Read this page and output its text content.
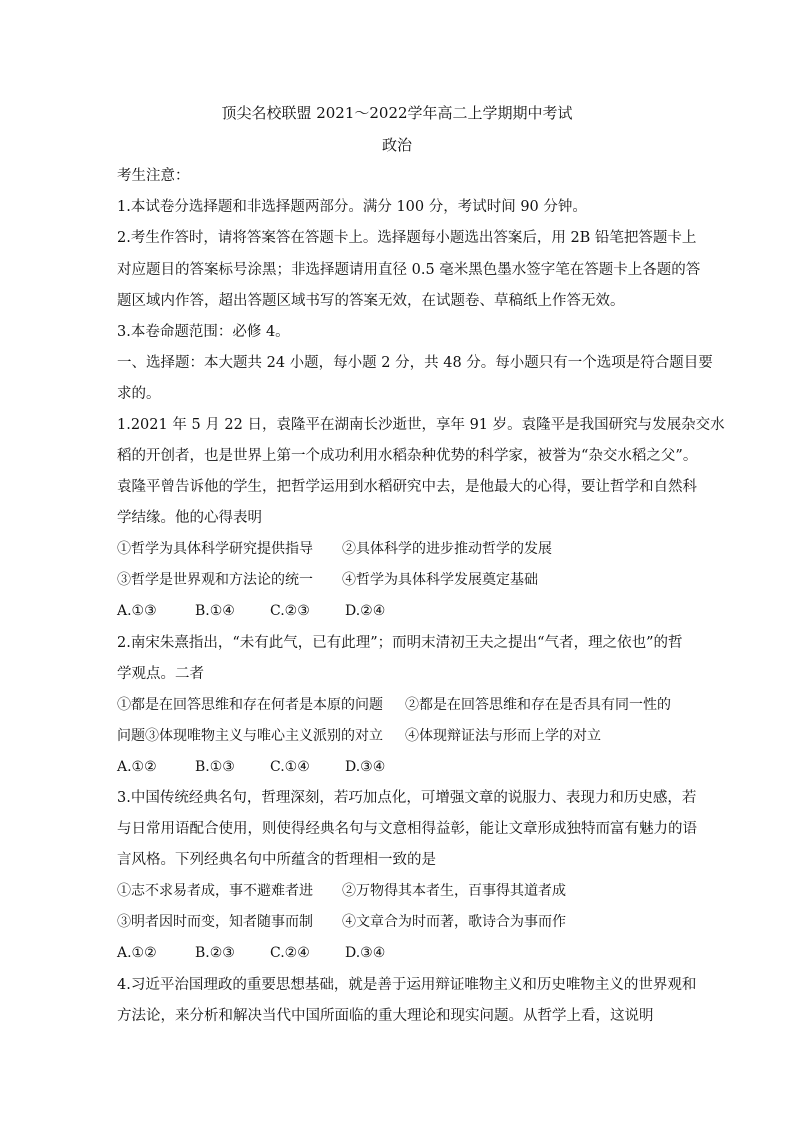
顶尖名校联盟 2021～2022学年高二上学期期中考试
政治
考生注意：
1.本试卷分选择题和非选择题两部分。满分 100 分，考试时间 90 分钟。
2.考生作答时，请将答案答在答题卡上。选择题每小题选出答案后，用 2B 铅笔把答题卡上
对应题目的答案标号涂黑；非选择题请用直径 0.5 毫米黑色墨水签字笔在答题卡上各题的答
题区域内作答，超出答题区域书写的答案无效，在试题卷、草稿纸上作答无效。
3.本卷命题范围：必修 4。
一、选择题：本大题共 24 小题，每小题 2 分，共 48 分。每小题只有一个选项是符合题目要
求的。
1.2021 年 5 月 22 日，袁隆平在湖南长沙逝世，享年 91 岁。袁隆平是我国研究与发展杂交水
稻的开创者，也是世界上第一个成功利用水稻杂种优势的科学家，被誉为“杂交水稻之父”。
袁隆平曾告诉他的学生，把哲学运用到水稻研究中去，是他最大的心得，要让哲学和自然科
学结缘。他的心得表明
①哲学为具体科学研究提供指导 ②具体科学的进步推动哲学的发展
③哲学是世界观和方法论的统一 ④哲学为具体科学发展奠定基础
A.①③	B.①④	C.②③	D.②④
2.南宋朱熹指出，“未有此气，已有此理”；而明末清初王夫之提出“气者，理之依也”的哲
学观点。二者
①都是在回答思维和存在何者是本原的问题 ②都是在回答思维和存在是否具有同一性的
问题③体现唯物主义与唯心主义派别的对立 ④体现辩证法与形而上学的对立
A.①②	B.①③	C.①④	D.③④
3.中国传统经典名句，哲理深刻，若巧加点化，可增强文章的说服力、表现力和历史感，若
与日常用语配合使用，则使得经典名句与文意相得益彰，能让文章形成独特而富有魅力的语
言风格。下列经典名句中所蕴含的哲理相一致的是
①志不求易者成，事不避难者进 ②万物得其本者生，百事得其道者成
③明者因时而变，知者随事而制 ④文章合为时而著，歌诗合为事而作
A.①②	B.②③	C.②④	D.③④
4.习近平治国理政的重要思想基础，就是善于运用辩证唯物主义和历史唯物主义的世界观和
方法论，来分析和解决当代中国所面临的重大理论和现实问题。从哲学上看，这说明
